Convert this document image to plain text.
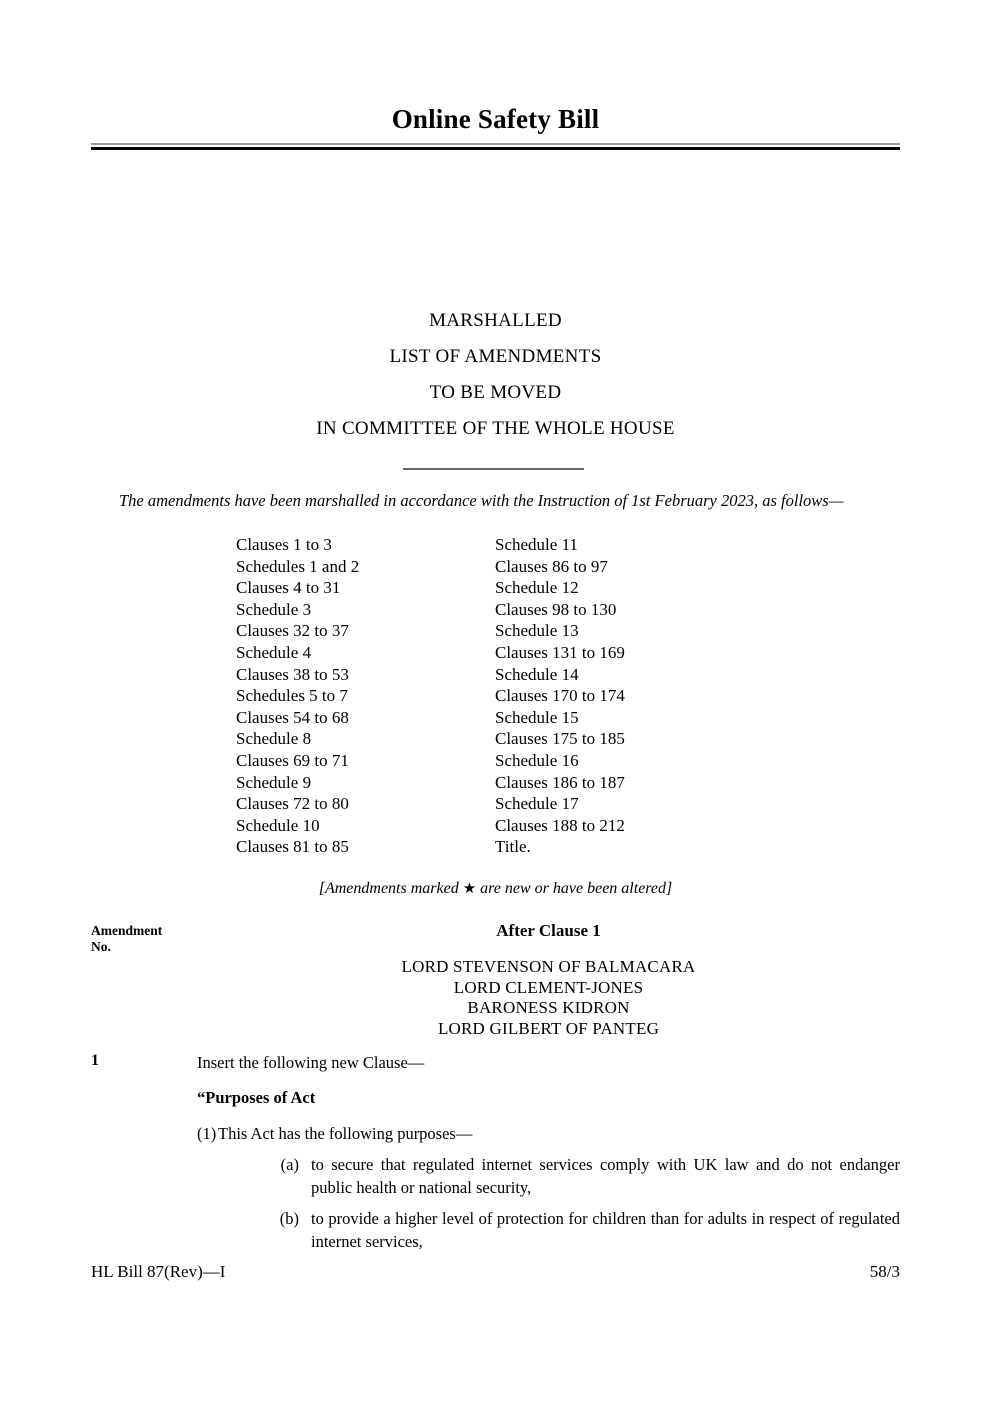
Online Safety Bill
MARSHALLED
LIST OF AMENDMENTS
TO BE MOVED
IN COMMITTEE OF THE WHOLE HOUSE
The amendments have been marshalled in accordance with the Instruction of 1st February 2023, as follows—
Clauses 1 to 3
Schedules 1 and 2
Clauses 4 to 31
Schedule 3
Clauses 32 to 37
Schedule 4
Clauses 38 to 53
Schedules 5 to 7
Clauses 54 to 68
Schedule 8
Clauses 69 to 71
Schedule 9
Clauses 72 to 80
Schedule 10
Clauses 81 to 85
Schedule 11
Clauses 86 to 97
Schedule 12
Clauses 98 to 130
Schedule 13
Clauses 131 to 169
Schedule 14
Clauses 170 to 174
Schedule 15
Clauses 175 to 185
Schedule 16
Clauses 186 to 187
Schedule 17
Clauses 188 to 212
Title.
[Amendments marked ★ are new or have been altered]
Amendment
No.
After Clause 1
LORD STEVENSON OF BALMACARA
LORD CLEMENT-JONES
BARONESS KIDRON
LORD GILBERT OF PANTEG
1	Insert the following new Clause—
“Purposes of Act
(1) This Act has the following purposes—
(a) to secure that regulated internet services comply with UK law and do not endanger public health or national security,
(b) to provide a higher level of protection for children than for adults in respect of regulated internet services,
HL Bill 87(Rev)—I	58/3
